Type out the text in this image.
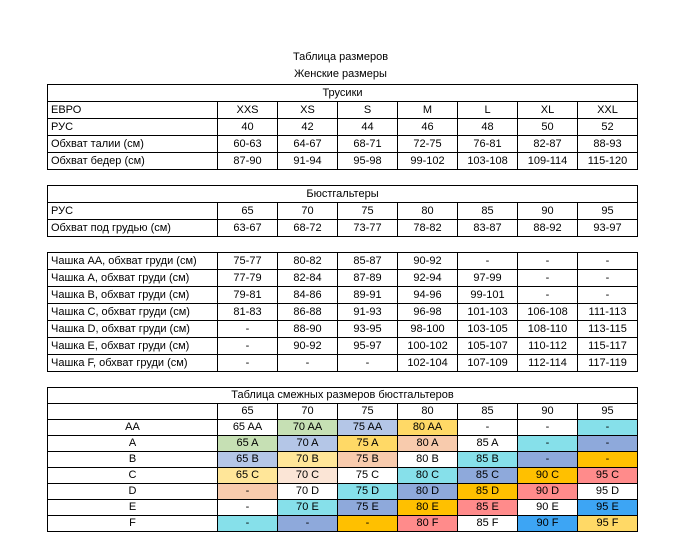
Таблица размеров
Женские размеры
Трусики							
ЕВРО	XXS	XS	S	M	L	XL	XXL
РУС	40	42	44	46	48	50	52
Обхват талии (см)	60-63	64-67	68-71	72-75	76-81	82-87	88-93
Обхват бедер (см)	87-90	91-94	95-98	99-102	103-108	109-114	115-120
Бюстгальтеры							
РУС	65	70	75	80	85	90	95
Обхват под грудью (см)	63-67	68-72	73-77	78-82	83-87	88-92	93-97
Чашка АА, обхват груди (см)	75-77	80-82	85-87	90-92	-	-	-
Чашка А, обхват груди (см)	77-79	82-84	87-89	92-94	97-99	-	-
Чашка В, обхват груди (см)	79-81	84-86	89-91	94-96	99-101	-	-
Чашка С, обхват груди (см)	81-83	86-88	91-93	96-98	101-103	106-108	111-113
Чашка D, обхват груди (см)	-	88-90	93-95	98-100	103-105	108-110	113-115
Чашка Е, обхват груди (см)	-	90-92	95-97	100-102	105-107	110-112	115-117
Чашка F, обхват груди (см)	-	-	-	102-104	107-109	112-114	117-119
Таблица смежных размеров бюстгальтеров							
	65	70	75	80	85	90	95
AA	65 AA	70 AA	75 AA	80 AA	-	-	-
A	65 A	70 A	75 A	80 A	85 A	-	-
B	65 B	70 B	75 B	80 B	85 B	-	-
C	65 C	70 C	75 C	80 C	85 C	90 C	95 C
D	-	70 D	75 D	80 D	85 D	90 D	95 D
E	-	70 E	75 E	80 E	85 E	90 E	95 E
F	-	-	-	80 F	85 F	90 F	95 F
